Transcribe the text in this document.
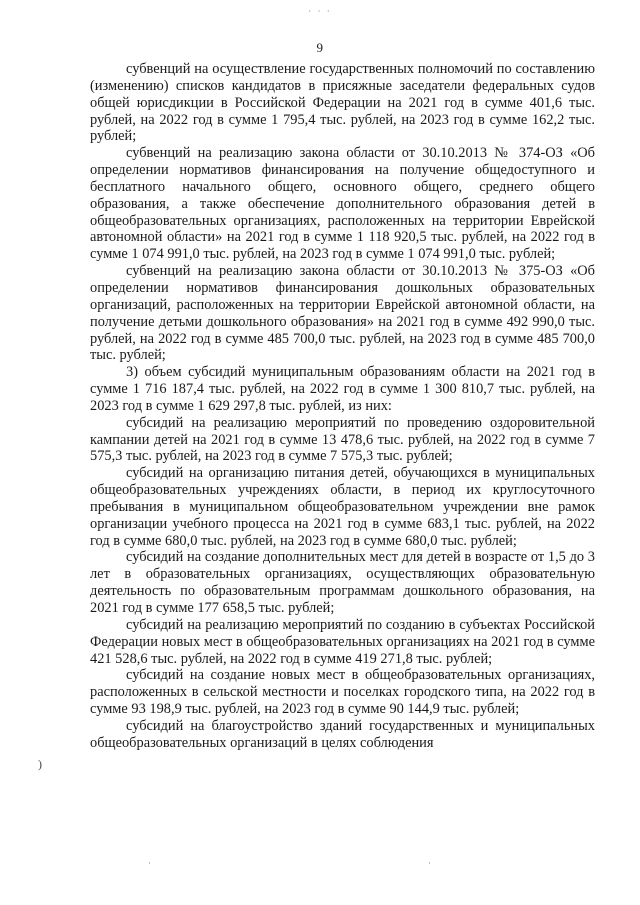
· · ·
9
)

субвенций на осуществление государственных полномочий по составлению (изменению) списков кандидатов в присяжные заседатели федеральных судов общей юрисдикции в Российской Федерации на 2021 год в сумме 401,6 тыс. рублей, на 2022 год в сумме 1 795,4 тыс. рублей, на 2023 год в сумме 162,2 тыс. рублей;

субвенций на реализацию закона области от 30.10.2013 № 374-ОЗ «Об определении нормативов финансирования на получение общедоступного и бесплатного начального общего, основного общего, среднего общего образования, а также обеспечение дополнительного образования детей в общеобразовательных организациях, расположенных на территории Еврейской автономной области» на 2021 год в сумме 1 118 920,5 тыс. рублей, на 2022 год в сумме 1 074 991,0 тыс. рублей, на 2023 год в сумме 1 074 991,0 тыс. рублей;

субвенций на реализацию закона области от 30.10.2013 № 375-ОЗ «Об определении нормативов финансирования дошкольных образовательных организаций, расположенных на территории Еврейской автономной области, на получение детьми дошкольного образования» на 2021 год в сумме 492 990,0 тыс. рублей, на 2022 год в сумме 485 700,0 тыс. рублей, на 2023 год в сумме 485 700,0 тыс. рублей;

3) объем субсидий муниципальным образованиям области на 2021 год в сумме 1 716 187,4 тыс. рублей, на 2022 год в сумме 1 300 810,7 тыс. рублей, на 2023 год в сумме 1 629 297,8 тыс. рублей, из них:

субсидий на реализацию мероприятий по проведению оздоровительной кампании детей на 2021 год в сумме 13 478,6 тыс. рублей, на 2022 год в сумме 7 575,3 тыс. рублей, на 2023 год в сумме 7 575,3 тыс. рублей;

субсидий на организацию питания детей, обучающихся в муниципальных общеобразовательных учреждениях области, в период их круглосуточного пребывания в муниципальном общеобразовательном учреждении вне рамок организации учебного процесса на 2021 год в сумме 683,1 тыс. рублей, на 2022 год в сумме 680,0 тыс. рублей, на 2023 год в сумме 680,0 тыс. рублей;

субсидий на создание дополнительных мест для детей в возрасте от 1,5 до 3 лет в образовательных организациях, осуществляющих образовательную деятельность по образовательным программам дошкольного образования, на 2021 год в сумме 177 658,5 тыс. рублей;

субсидий на реализацию мероприятий по созданию в субъектах Российской Федерации новых мест в общеобразовательных организациях на 2021 год в сумме 421 528,6 тыс. рублей, на 2022 год в сумме 419 271,8 тыс. рублей;

субсидий на создание новых мест в общеобразовательных организациях, расположенных в сельской местности и поселках городского типа, на 2022 год в сумме 93 198,9 тыс. рублей, на 2023 год в сумме 90 144,9 тыс. рублей;

субсидий на благоустройство зданий государственных и муниципальных общеобразовательных организаций в целях соблюдения

·	·
